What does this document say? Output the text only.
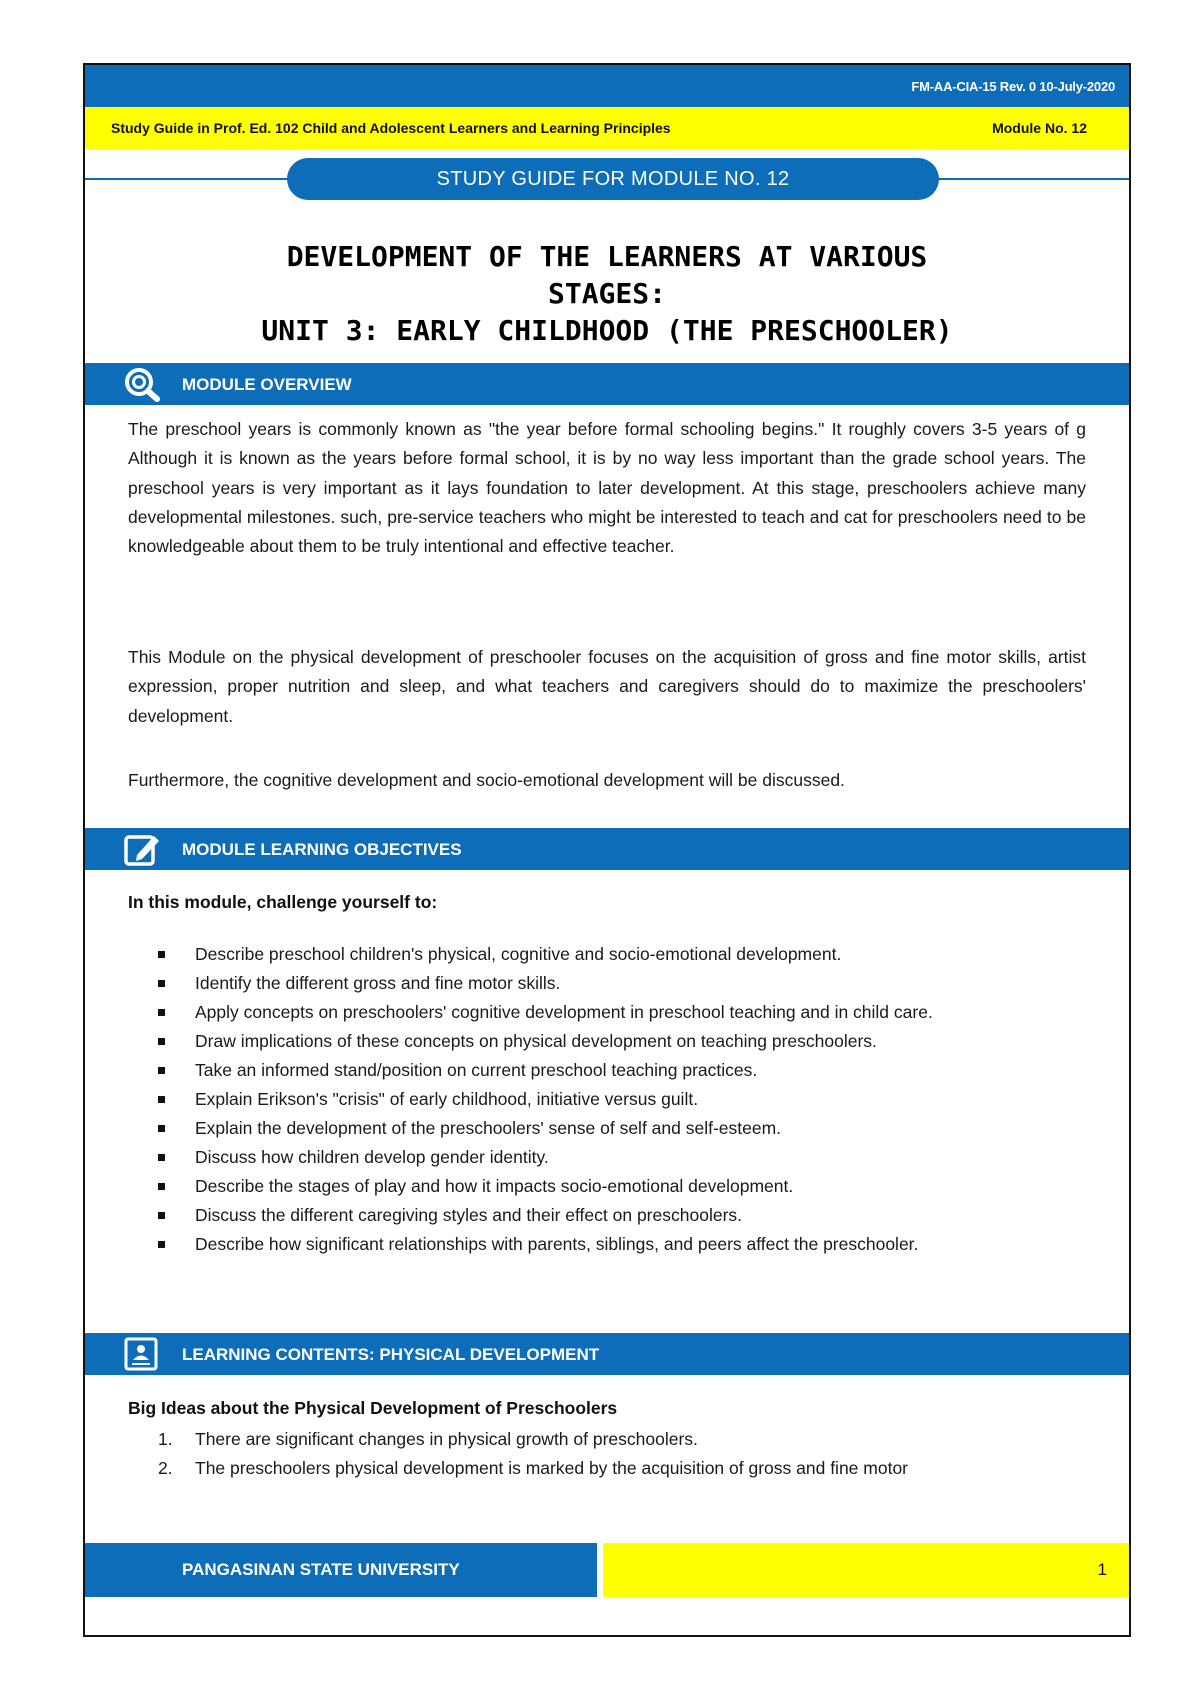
FM-AA-CIA-15 Rev. 0 10-July-2020
Study Guide in Prof. Ed. 102 Child and Adolescent Learners and Learning Principles	Module No. 12
STUDY GUIDE FOR MODULE NO. 12
DEVELOPMENT OF THE LEARNERS AT VARIOUS
STAGES:
UNIT 3: EARLY CHILDHOOD (THE PRESCHOOLER)
MODULE OVERVIEW
The preschool years is commonly known as "the year before formal schooling begins." It roughly covers 3-5 years of g Although it is known as the years before formal school, it is by no way less important than the grade school years. The preschool years is very important as it lays foundation to later development. At this stage, preschoolers achieve many developmental milestones. such, pre-service teachers who might be interested to teach and cat for preschoolers need to be knowledgeable about them to be truly intentional and effective teacher.
This Module on the physical development of preschooler focuses on the acquisition of gross and fine motor skills, artist expression, proper nutrition and sleep, and what teachers and caregivers should do to maximize the preschoolers' development.
Furthermore, the cognitive development and socio-emotional development will be discussed.
MODULE LEARNING OBJECTIVES
In this module, challenge yourself to:
Describe preschool children's physical, cognitive and socio-emotional development.
Identify the different gross and fine motor skills.
Apply concepts on preschoolers' cognitive development in preschool teaching and in child care.
Draw implications of these concepts on physical development on teaching preschoolers.
Take an informed stand/position on current preschool teaching practices.
Explain Erikson's "crisis" of early childhood, initiative versus guilt.
Explain the development of the preschoolers' sense of self and self-esteem.
Discuss how children develop gender identity.
Describe the stages of play and how it impacts socio-emotional development.
Discuss the different caregiving styles and their effect on preschoolers.
Describe how significant relationships with parents, siblings, and peers affect the preschooler.
LEARNING CONTENTS: PHYSICAL DEVELOPMENT
Big Ideas about the Physical Development of Preschoolers
1. There are significant changes in physical growth of preschoolers.
2. The preschoolers physical development is marked by the acquisition of gross and fine motor
PANGASINAN STATE UNIVERSITY	1
